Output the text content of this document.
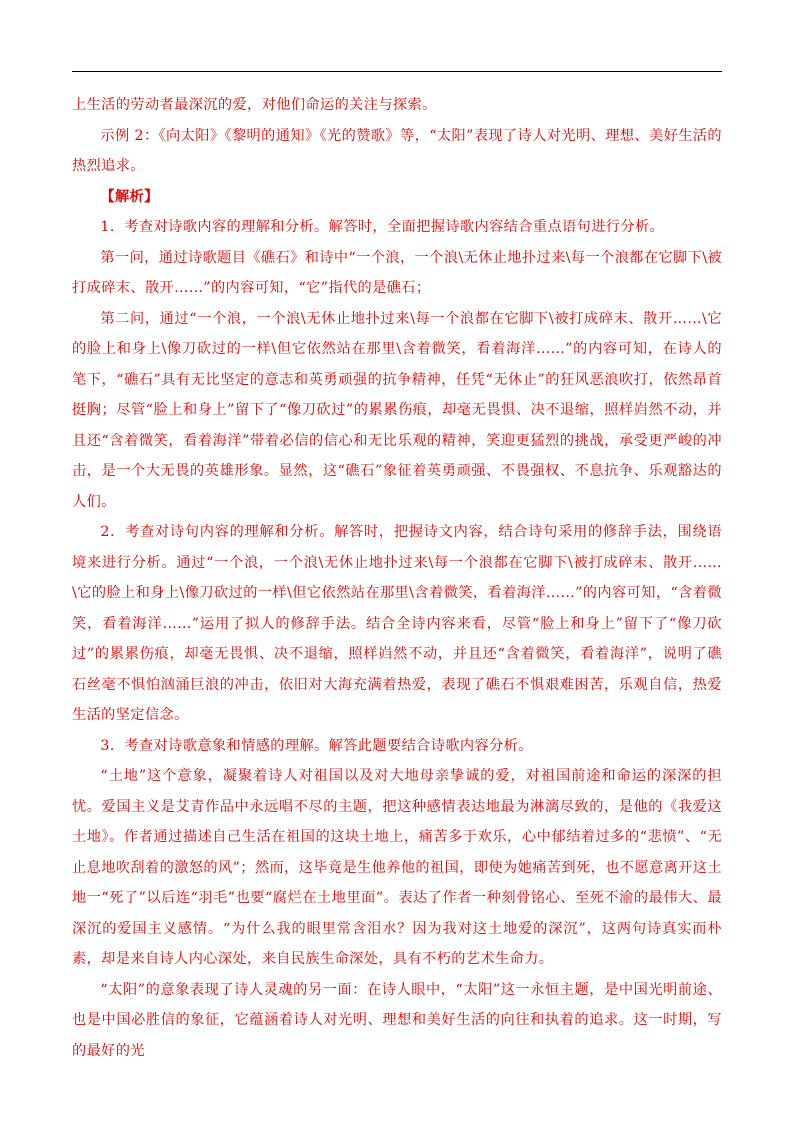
上生活的劳动者最深沉的爱，对他们命运的关注与探索。

示例 2：《向太阳》《黎明的通知》《光的赞歌》等，“太阳”表现了诗人对光明、理想、美好生活的热烈追求。

【解析】

1．考查对诗歌内容的理解和分析。解答时，全面把握诗歌内容结合重点语句进行分析。

第一问，通过诗歌题目《礁石》和诗中“一个浪，一个浪\无休止地扑过来\每一个浪都在它脚下\被打成碎末、散开……”的内容可知，“它”指代的是礁石；

第二问，通过“一个浪，一个浪\无休止地扑过来\每一个浪都在它脚下\被打成碎末、散开……\它的脸上和身上\像刀砍过的一样\但它依然站在那里\含着微笑，看着海洋……”的内容可知，在诗人的笔下，“礁石”具有无比坚定的意志和英勇顽强的抗争精神，任凭“无休止”的狂风恶浪吹打，依然昂首挺胸；尽管“脸上和身上”留下了“像刀砍过”的累累伤痕，却毫无畏惧、决不退缩，照样岿然不动，并且还“含着微笑，看着海洋”带着必信的信心和无比乐观的精神，笑迎更猛烈的挑战，承受更严峻的冲击，是一个大无畏的英雄形象。显然，这“礁石”象征着英勇顽强、不畏强权、不息抗争、乐观豁达的人们。

2．考查对诗句内容的理解和分析。解答时，把握诗文内容，结合诗句采用的修辞手法，围绕语境来进行分析。通过“一个浪，一个浪\无休止地扑过来\每一个浪都在它脚下\被打成碎末、散开……\它的脸上和身上\像刀砍过的一样\但它依然站在那里\含着微笑，看着海洋……”的内容可知，“含着微笑，看着海洋……”运用了拟人的修辞手法。结合全诗内容来看，尽管“脸上和身上”留下了“像刀砍过”的累累伤痕，却毫无畏惧、决不退缩，照样岿然不动，并且还“含着微笑，看着海洋”，说明了礁石丝毫不惧怕汹涌巨浪的冲击，依旧对大海充满着热爱，表现了礁石不惧艰难困苦，乐观自信，热爱生活的坚定信念。

3．考查对诗歌意象和情感的理解。解答此题要结合诗歌内容分析。

“土地”这个意象，凝聚着诗人对祖国以及对大地母亲挚诚的爱，对祖国前途和命运的深深的担忧。爱国主义是艾青作品中永远唱不尽的主题，把这种感情表达地最为淋漓尽致的，是他的《我爱这土地》。作者通过描述自己生活在祖国的这块土地上，痛苦多于欢乐，心中郁结着过多的“悲愤”、“无止息地吹刮着的激怒的风”；然而，这毕竟是生他养他的祖国，即使为她痛苦到死，也不愿意离开这土地一“死了”以后连“羽毛”也要“腐烂在土地里面”。表达了作者一种刻骨铭心、至死不渝的最伟大、最深沉的爱国主义感情。“为什么我的眼里常含泪水？因为我对这土地爱的深沉”，这两句诗真实而朴素，却是来自诗人内心深处，来自民族生命深处，具有不朽的艺术生命力。

“太阳”的意象表现了诗人灵魂的另一面：在诗人眼中，“太阳”这一永恒主题，是中国光明前途、也是中国必胜信的象征，它蕴涵着诗人对光明、理想和美好生活的向往和执着的追求。这一时期，写的最好的光
